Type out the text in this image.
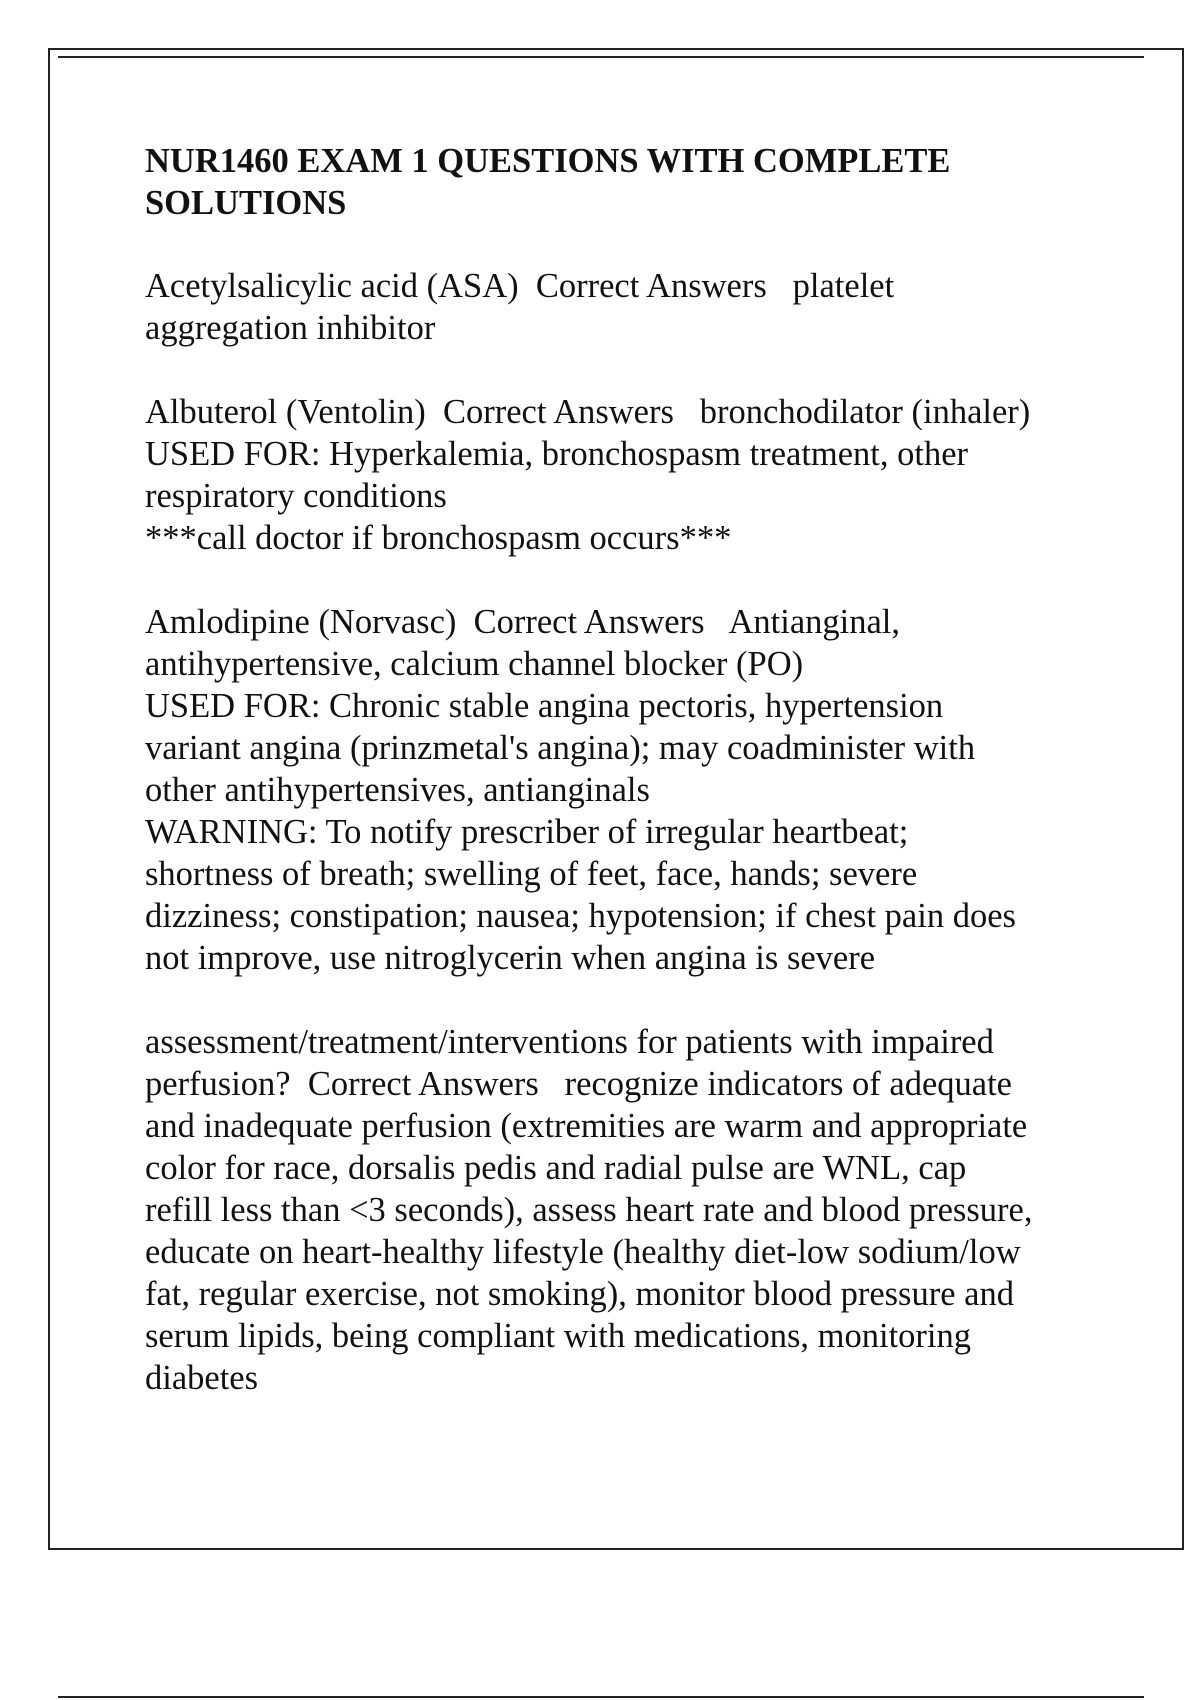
NUR1460 EXAM 1 QUESTIONS WITH COMPLETE SOLUTIONS
Acetylsalicylic acid (ASA)  Correct Answers   platelet
aggregation inhibitor
Albuterol (Ventolin)  Correct Answers   bronchodilator (inhaler)
USED FOR: Hyperkalemia, bronchospasm treatment, other
respiratory conditions
***call doctor if bronchospasm occurs***
Amlodipine (Norvasc)  Correct Answers   Antianginal,
antihypertensive, calcium channel blocker (PO)
USED FOR: Chronic stable angina pectoris, hypertension
variant angina (prinzmetal's angina); may coadminister with
other antihypertensives, antianginals
WARNING: To notify prescriber of irregular heartbeat;
shortness of breath; swelling of feet, face, hands; severe
dizziness; constipation; nausea; hypotension; if chest pain does
not improve, use nitroglycerin when angina is severe
assessment/treatment/interventions for patients with impaired
perfusion?  Correct Answers   recognize indicators of adequate
and inadequate perfusion (extremities are warm and appropriate
color for race, dorsalis pedis and radial pulse are WNL, cap
refill less than <3 seconds), assess heart rate and blood pressure,
educate on heart-healthy lifestyle (healthy diet-low sodium/low
fat, regular exercise, not smoking), monitor blood pressure and
serum lipids, being compliant with medications, monitoring
diabetes
